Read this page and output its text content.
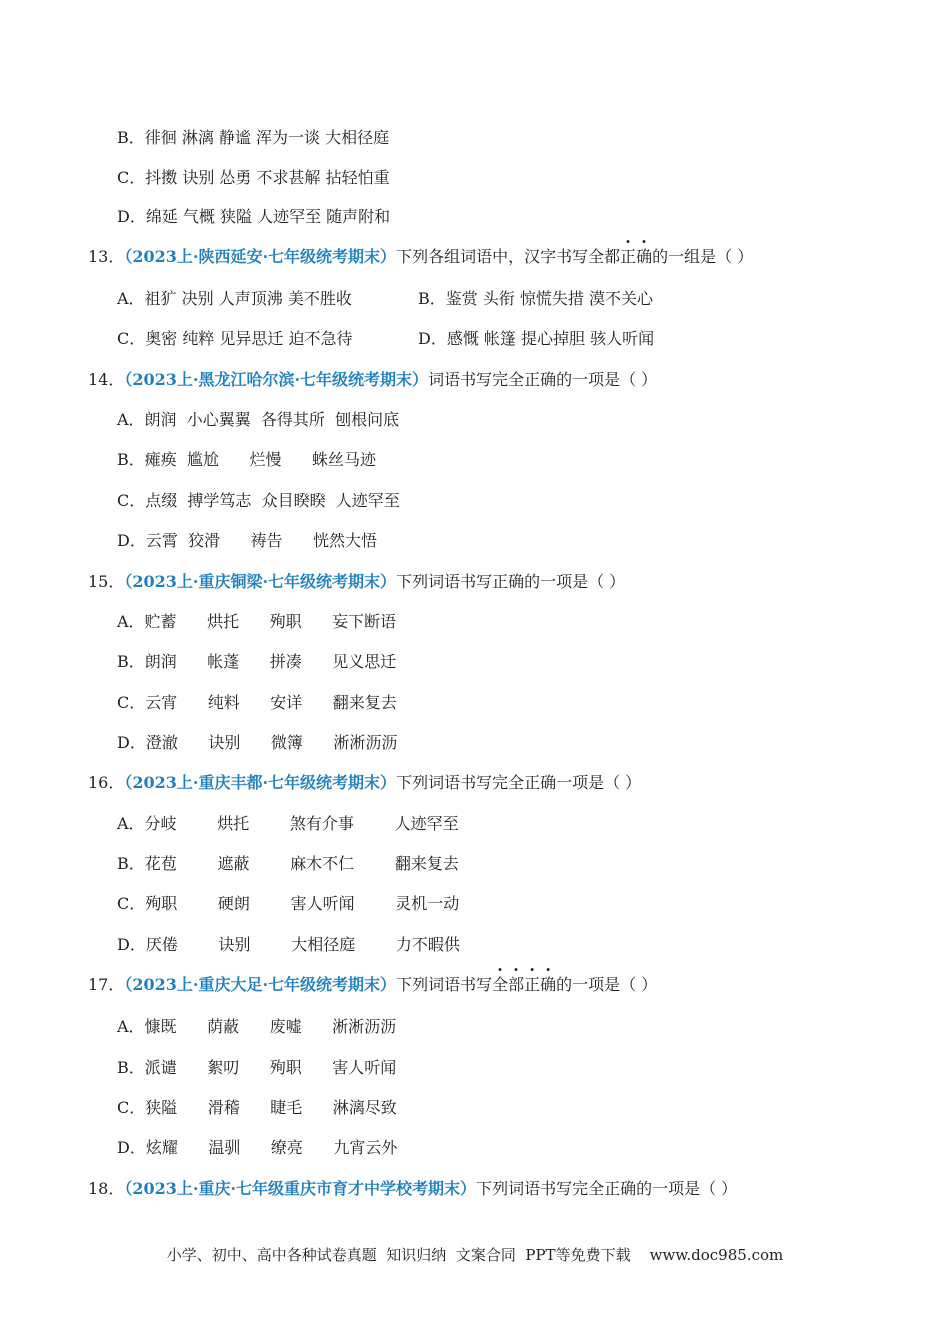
B．徘徊 淋漓 静谧 浑为一谈 大相径庭
C．抖擞 诀别 怂勇 不求甚解 拈轻怕重
D．绵延 气概 狭隘 人迹罕至 随声附和
13．（2023上·陕西延安·七年级统考期末）下列各组词语中，汉字书写全都正确的一组是（ ）
A．祖犷 决别 人声顶沸 美不胜收	B．鉴赏 头衔 惊慌失措 漠不关心
C．奥密 纯粹 见异思迁 迫不急待	D．感慨 帐篷 提心掉胆 骇人听闻
14．（2023上·黑龙江哈尔滨·七年级统考期末）词语书写完全正确的一项是（ ）
A．朗润  小心翼翼  各得其所  刨根问底
B．瘫痪  尴尬      烂慢      蛛丝马迹
C．点缀  搏学笃志  众目睽睽  人迹罕至
D．云霄  狡滑      祷告      恍然大悟
15．（2023上·重庆铜梁·七年级统考期末）下列词语书写正确的一项是（ ）
A．贮蓄      烘托      殉职      妄下断语
B．朗润      帐蓬      拼凑      见义思迁
C．云宵      纯料      安详      翻来复去
D．澄澈      诀别      微簿      淅淅沥沥
16．（2023上·重庆丰都·七年级统考期末）下列词语书写完全正确一项是（ ）
A．分岐        烘托        煞有介事        人迹罕至
B．花苞        遮蔽        麻木不仁        翻来复去
C．殉职        硬朗        害人听闻        灵机一动
D．厌倦        诀别        大相径庭        力不暇供
17．（2023上·重庆大足·七年级统考期末）下列词语书写全部正确的一项是（ ）
A．慷既      荫蔽      废嘘      淅淅沥沥
B．派谴      絮叨      殉职      害人听闻
C．狭隘      滑稽      睫毛      淋漓尽致
D．炫耀      温驯      缭亮      九宵云外
18．（2023上·重庆·七年级重庆市育才中学校考期末）下列词语书写完全正确的一项是（ ）
小学、初中、高中各种试卷真题  知识归纳  文案合同  PPT等免费下载    www.doc985.com
